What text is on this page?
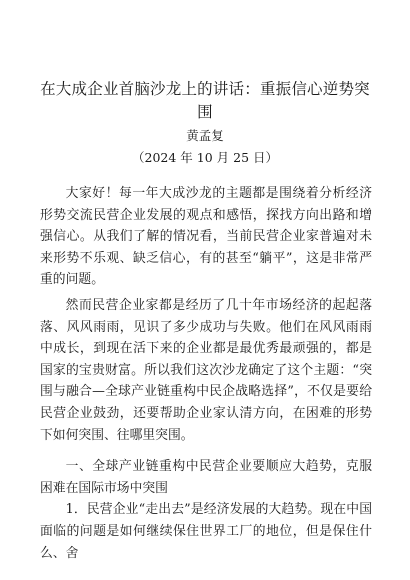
在大成企业首脑沙龙上的讲话：重振信心逆势突围
黄孟复
（2024 年 10 月 25 日）

大家好！每一年大成沙龙的主题都是围绕着分析经济形势交流民营企业发展的观点和感悟，探找方向出路和增强信心。从我们了解的情况看，当前民营企业家普遍对未来形势不乐观、缺乏信心，有的甚至“躺平”，这是非常严重的问题。

然而民营企业家都是经历了几十年市场经济的起起落落、风风雨雨，见识了多少成功与失败。他们在风风雨雨中成长，到现在活下来的企业都是最优秀最顽强的，都是国家的宝贵财富。所以我们这次沙龙确定了这个主题：“突围与融合—全球产业链重构中民企战略选择”，不仅是要给民营企业鼓劲，还要帮助企业家认清方向，在困难的形势下如何突围、往哪里突围。

一、全球产业链重构中民营企业要顺应大趋势，克服困难在国际市场中突围

1．民营企业“走出去”是经济发展的大趋势。现在中国面临的问题是如何继续保住世界工厂的地位，但是保住什么、舍
